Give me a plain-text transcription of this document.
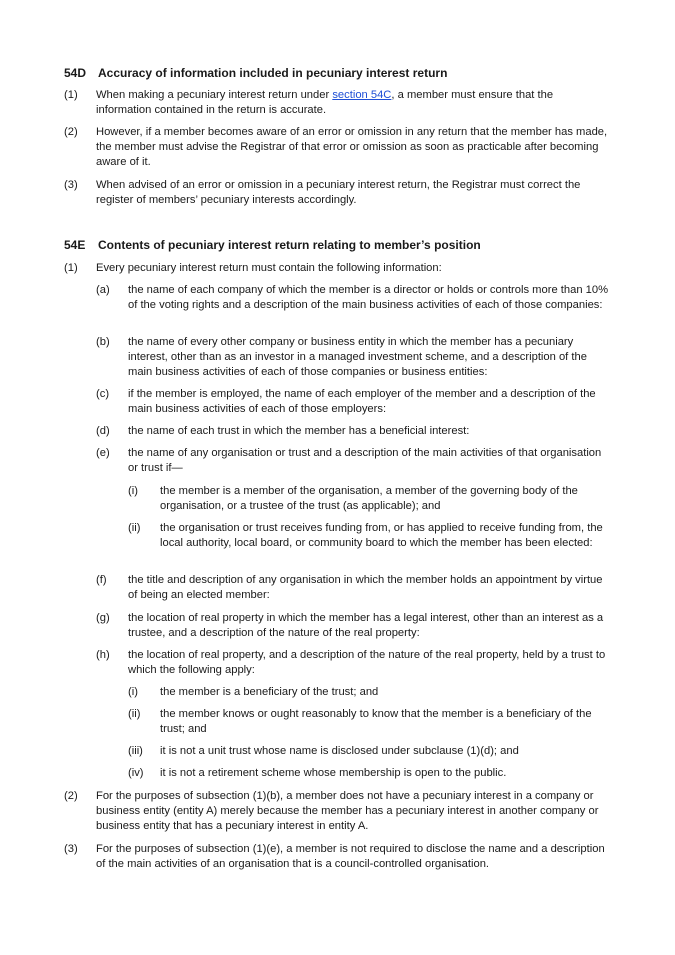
54D Accuracy of information included in pecuniary interest return
(1)	When making a pecuniary interest return under section 54C, a member must ensure that the information contained in the return is accurate.
(2)	However, if a member becomes aware of an error or omission in any return that the member has made, the member must advise the Registrar of that error or omission as soon as practicable after becoming aware of it.
(3)	When advised of an error or omission in a pecuniary interest return, the Registrar must correct the register of members’ pecuniary interests accordingly.
54E	Contents of pecuniary interest return relating to member’s position
(1)	Every pecuniary interest return must contain the following information:
(a)	the name of each company of which the member is a director or holds or controls more than 10% of the voting rights and a description of the main business activities of each of those companies:
(b)	the name of every other company or business entity in which the member has a pecuniary interest, other than as an investor in a managed investment scheme, and a description of the main business activities of each of those companies or business entities:
(c)	if the member is employed, the name of each employer of the member and a description of the main business activities of each of those employers:
(d)	the name of each trust in which the member has a beneficial interest:
(e)	the name of any organisation or trust and a description of the main activities of that organisation or trust if—
(i)	the member is a member of the organisation, a member of the governing body of the organisation, or a trustee of the trust (as applicable); and
(ii)	the organisation or trust receives funding from, or has applied to receive funding from, the local authority, local board, or community board to which the member has been elected:
(f)	the title and description of any organisation in which the member holds an appointment by virtue of being an elected member:
(g)	the location of real property in which the member has a legal interest, other than an interest as a trustee, and a description of the nature of the real property:
(h)	the location of real property, and a description of the nature of the real property, held by a trust to which the following apply:
(i)	the member is a beneficiary of the trust; and
(ii)	the member knows or ought reasonably to know that the member is a beneficiary of the trust; and
(iii)	it is not a unit trust whose name is disclosed under subclause (1)(d); and
(iv)	it is not a retirement scheme whose membership is open to the public.
(2)	For the purposes of subsection (1)(b), a member does not have a pecuniary interest in a company or business entity (entity A) merely because the member has a pecuniary interest in another company or business entity that has a pecuniary interest in entity A.
(3)	For the purposes of subsection (1)(e), a member is not required to disclose the name and a description of the main activities of an organisation that is a council-controlled organisation.
